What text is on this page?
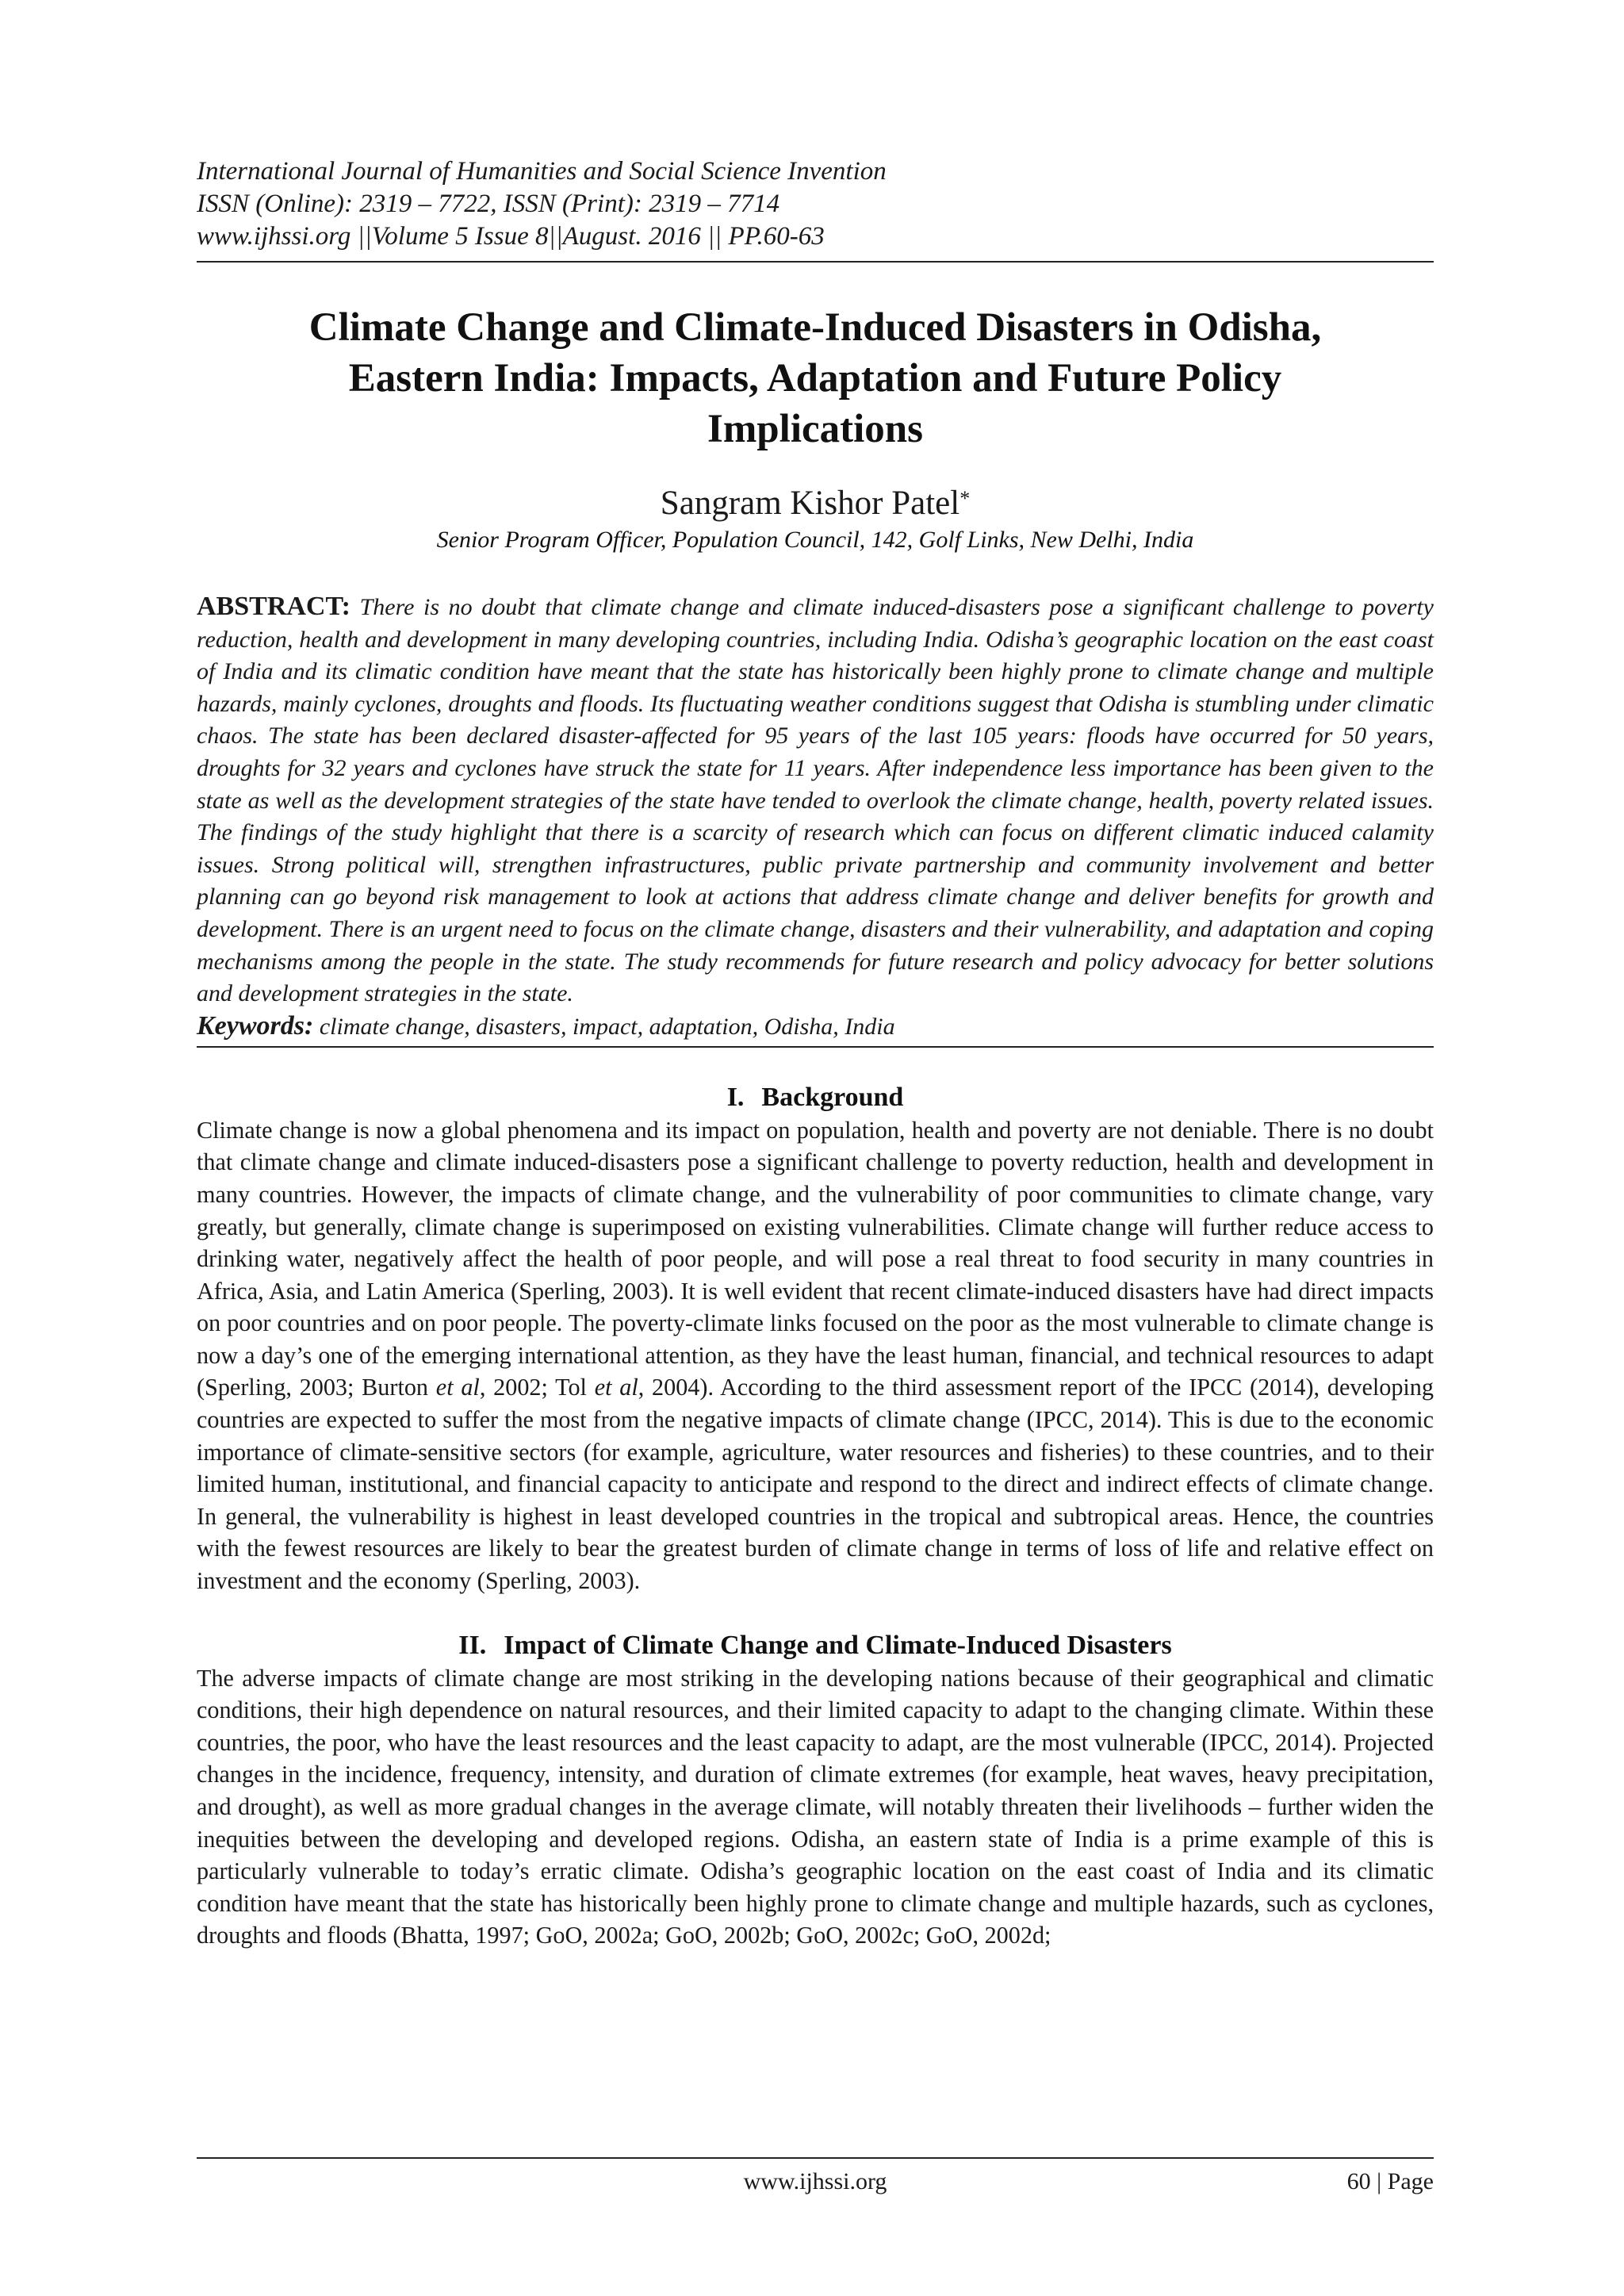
International Journal of Humanities and Social Science Invention
ISSN (Online): 2319 – 7722, ISSN (Print): 2319 – 7714
www.ijhssi.org ||Volume 5 Issue 8||August. 2016 || PP.60-63
Climate Change and Climate-Induced Disasters in Odisha, Eastern India: Impacts, Adaptation and Future Policy Implications
Sangram Kishor Patel*
Senior Program Officer, Population Council, 142, Golf Links, New Delhi, India
ABSTRACT: There is no doubt that climate change and climate induced-disasters pose a significant challenge to poverty reduction, health and development in many developing countries, including India. Odisha’s geographic location on the east coast of India and its climatic condition have meant that the state has historically been highly prone to climate change and multiple hazards, mainly cyclones, droughts and floods. Its fluctuating weather conditions suggest that Odisha is stumbling under climatic chaos. The state has been declared disaster-affected for 95 years of the last 105 years: floods have occurred for 50 years, droughts for 32 years and cyclones have struck the state for 11 years. After independence less importance has been given to the state as well as the development strategies of the state have tended to overlook the climate change, health, poverty related issues. The findings of the study highlight that there is a scarcity of research which can focus on different climatic induced calamity issues. Strong political will, strengthen infrastructures, public private partnership and community involvement and better planning can go beyond risk management to look at actions that address climate change and deliver benefits for growth and development. There is an urgent need to focus on the climate change, disasters and their vulnerability, and adaptation and coping mechanisms among the people in the state. The study recommends for future research and policy advocacy for better solutions and development strategies in the state.
Keywords: climate change, disasters, impact, adaptation, Odisha, India
I. Background
Climate change is now a global phenomena and its impact on population, health and poverty are not deniable. There is no doubt that climate change and climate induced-disasters pose a significant challenge to poverty reduction, health and development in many countries. However, the impacts of climate change, and the vulnerability of poor communities to climate change, vary greatly, but generally, climate change is superimposed on existing vulnerabilities. Climate change will further reduce access to drinking water, negatively affect the health of poor people, and will pose a real threat to food security in many countries in Africa, Asia, and Latin America (Sperling, 2003). It is well evident that recent climate-induced disasters have had direct impacts on poor countries and on poor people. The poverty-climate links focused on the poor as the most vulnerable to climate change is now a day’s one of the emerging international attention, as they have the least human, financial, and technical resources to adapt (Sperling, 2003; Burton et al, 2002; Tol et al, 2004). According to the third assessment report of the IPCC (2014), developing countries are expected to suffer the most from the negative impacts of climate change (IPCC, 2014). This is due to the economic importance of climate-sensitive sectors (for example, agriculture, water resources and fisheries) to these countries, and to their limited human, institutional, and financial capacity to anticipate and respond to the direct and indirect effects of climate change. In general, the vulnerability is highest in least developed countries in the tropical and subtropical areas. Hence, the countries with the fewest resources are likely to bear the greatest burden of climate change in terms of loss of life and relative effect on investment and the economy (Sperling, 2003).
II. Impact of Climate Change and Climate-Induced Disasters
The adverse impacts of climate change are most striking in the developing nations because of their geographical and climatic conditions, their high dependence on natural resources, and their limited capacity to adapt to the changing climate. Within these countries, the poor, who have the least resources and the least capacity to adapt, are the most vulnerable (IPCC, 2014). Projected changes in the incidence, frequency, intensity, and duration of climate extremes (for example, heat waves, heavy precipitation, and drought), as well as more gradual changes in the average climate, will notably threaten their livelihoods – further widen the inequities between the developing and developed regions. Odisha, an eastern state of India is a prime example of this is particularly vulnerable to today’s erratic climate. Odisha’s geographic location on the east coast of India and its climatic condition have meant that the state has historically been highly prone to climate change and multiple hazards, such as cyclones, droughts and floods (Bhatta, 1997; GoO, 2002a; GoO, 2002b; GoO, 2002c; GoO, 2002d;
www.ijhssi.org	60 | Page
